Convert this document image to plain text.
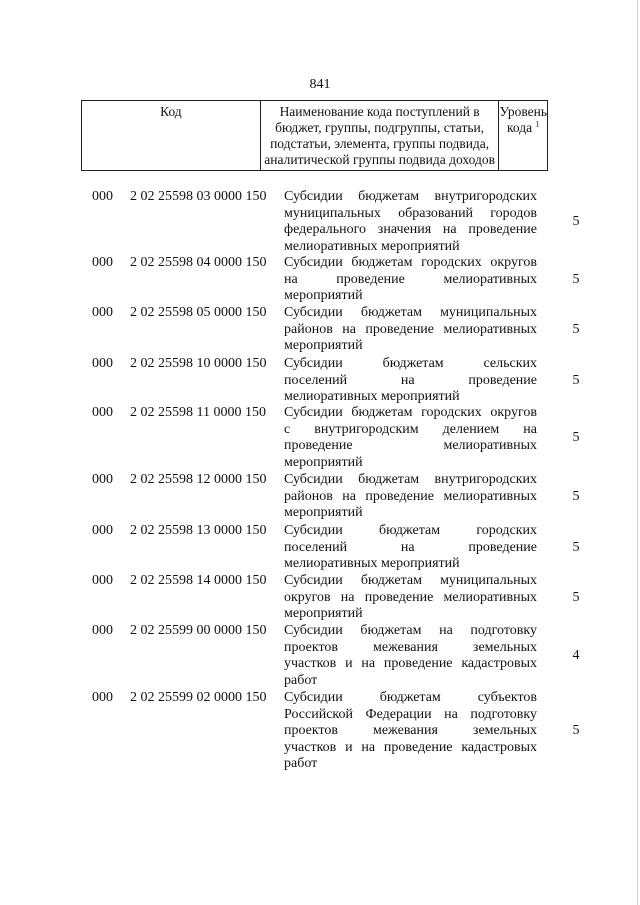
841
Код	Наименование кода поступлений в
бюджет, группы, подгруппы, статьи,
подстатьи, элемента, группы подвида,
аналитической группы подвида доходов
Уровень
кода $^1$
000 2 02 25598 03 0000 150 Субсидии бюджетам внутригородских
муниципальных образований городов
федерального значения на проведение
мелиоративных мероприятий
5
000 2 02 25598 04 0000 150 Субсидии бюджетам городских округов
на проведение мелиоративных
мероприятий
5
000 2 02 25598 05 0000 150 Субсидии бюджетам муниципальных
районов на проведение мелиоративных
мероприятий
5
000 2 02 25598 10 0000 150 Субсидии бюджетам сельских
поселений на проведение
мелиоративных мероприятий
5
000 2 02 25598 11 0000 150 Субсидии бюджетам городских округов
с внутригородским делением на
проведение мелиоративных
мероприятий
5
000 2 02 25598 12 0000 150 Субсидии бюджетам внутригородских
районов на проведение мелиоративных
мероприятий
5
000 2 02 25598 13 0000 150 Субсидии бюджетам городских
поселений на проведение
мелиоративных мероприятий
5
000 2 02 25598 14 0000 150 Субсидии бюджетам муниципальных
округов на проведение мелиоративных
мероприятий
5
000 2 02 25599 00 0000 150 Субсидии бюджетам на подготовку
проектов межевания земельных
участков и на проведение кадастровых
работ
4
000 2 02 25599 02 0000 150 Субсидии бюджетам субъектов
Российской Федерации на подготовку
проектов межевания земельных
участков и на проведение кадастровых
работ
5
